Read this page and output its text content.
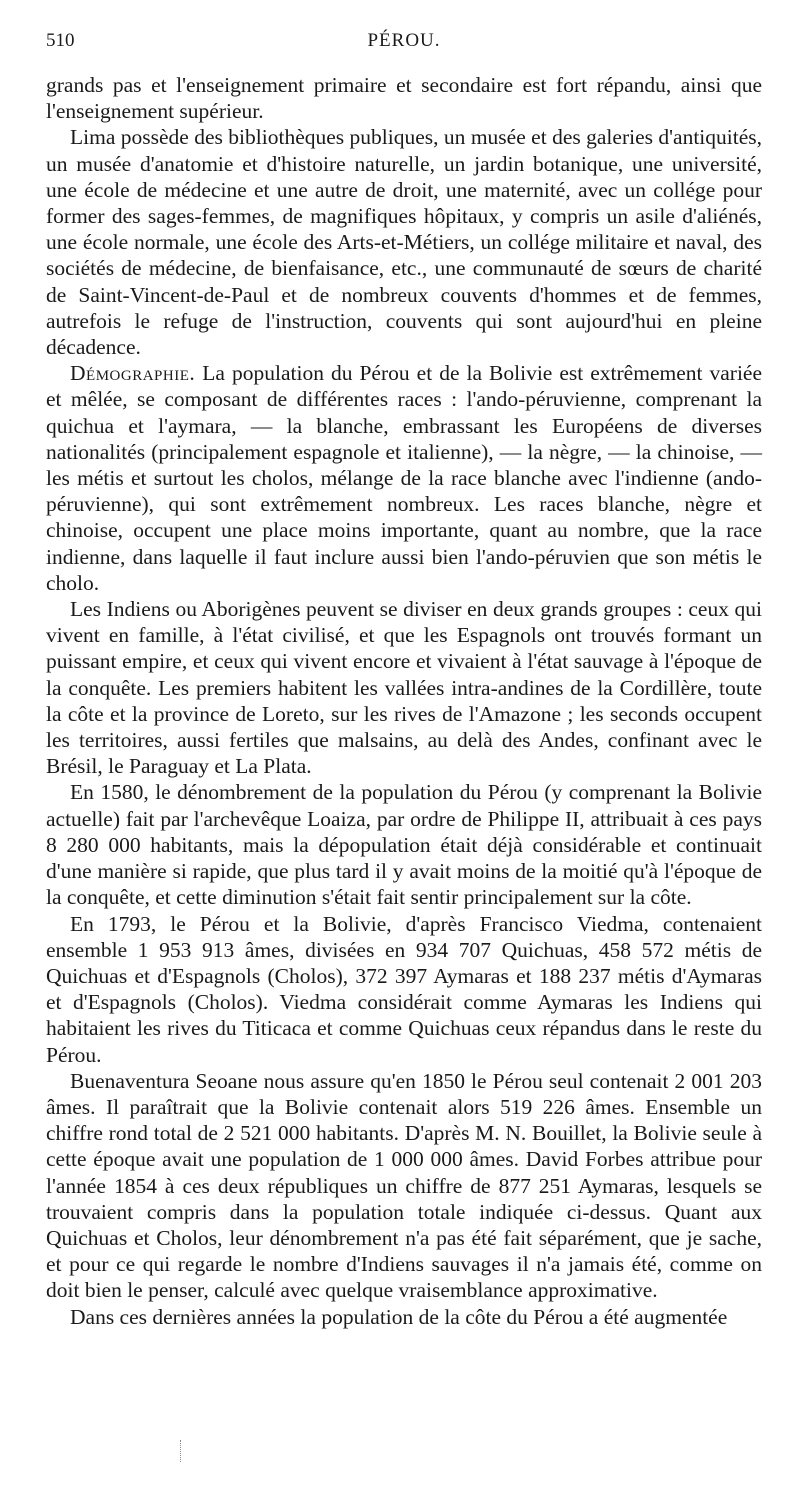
510	PÉROU.

grands pas et l'enseignement primaire et secondaire est fort répandu, ainsi que l'enseignement supérieur.

Lima possède des bibliothèques publiques, un musée et des galeries d'antiquités, un musée d'anatomie et d'histoire naturelle, un jardin botanique, une université, une école de médecine et une autre de droit, une maternité, avec un collége pour former des sages-femmes, de magnifiques hôpitaux, y compris un asile d'aliénés, une école normale, une école des Arts-et-Métiers, un collége militaire et naval, des sociétés de médecine, de bienfaisance, etc., une communauté de sœurs de charité de Saint-Vincent-de-Paul et de nombreux couvents d'hommes et de femmes, autrefois le refuge de l'instruction, couvents qui sont aujourd'hui en pleine décadence.

Démographie. La population du Pérou et de la Bolivie est extrêmement variée et mêlée, se composant de différentes races : l'ando-péruvienne, comprenant la quichua et l'aymara, — la blanche, embrassant les Européens de diverses nationalités (principalement espagnole et italienne), — la nègre, — la chinoise, — les métis et surtout les cholos, mélange de la race blanche avec l'indienne (ando-péruvienne), qui sont extrêmement nombreux. Les races blanche, nègre et chinoise, occupent une place moins importante, quant au nombre, que la race indienne, dans laquelle il faut inclure aussi bien l'ando-péruvien que son métis le cholo.

Les Indiens ou Aborigènes peuvent se diviser en deux grands groupes : ceux qui vivent en famille, à l'état civilisé, et que les Espagnols ont trouvés formant un puissant empire, et ceux qui vivent encore et vivaient à l'état sauvage à l'époque de la conquête. Les premiers habitent les vallées intra-andines de la Cordillère, toute la côte et la province de Loreto, sur les rives de l'Amazone ; les seconds occupent les territoires, aussi fertiles que malsains, au delà des Andes, confinant avec le Brésil, le Paraguay et La Plata.

En 1580, le dénombrement de la population du Pérou (y comprenant la Bolivie actuelle) fait par l'archevêque Loaiza, par ordre de Philippe II, attribuait à ces pays 8 280 000 habitants, mais la dépopulation était déjà considérable et continuait d'une manière si rapide, que plus tard il y avait moins de la moitié qu'à l'époque de la conquête, et cette diminution s'était fait sentir principalement sur la côte.

En 1793, le Pérou et la Bolivie, d'après Francisco Viedma, contenaient ensemble 1 953 913 âmes, divisées en 934 707 Quichuas, 458 572 métis de Quichuas et d'Espagnols (Cholos), 372 397 Aymaras et 188 237 métis d'Aymaras et d'Espagnols (Cholos). Viedma considérait comme Aymaras les Indiens qui habitaient les rives du Titicaca et comme Quichuas ceux répandus dans le reste du Pérou.

Buenaventura Seoane nous assure qu'en 1850 le Pérou seul contenait 2 001 203 âmes. Il paraîtrait que la Bolivie contenait alors 519 226 âmes. Ensemble un chiffre rond total de 2 521 000 habitants. D'après M. N. Bouillet, la Bolivie seule à cette époque avait une population de 1 000 000 âmes. David Forbes attribue pour l'année 1854 à ces deux républiques un chiffre de 877 251 Aymaras, lesquels se trouvaient compris dans la population totale indiquée ci-dessus. Quant aux Quichuas et Cholos, leur dénombrement n'a pas été fait séparément, que je sache, et pour ce qui regarde le nombre d'Indiens sauvages il n'a jamais été, comme on doit bien le penser, calculé avec quelque vraisemblance approximative.

Dans ces dernières années la population de la côte du Pérou a été augmentée
